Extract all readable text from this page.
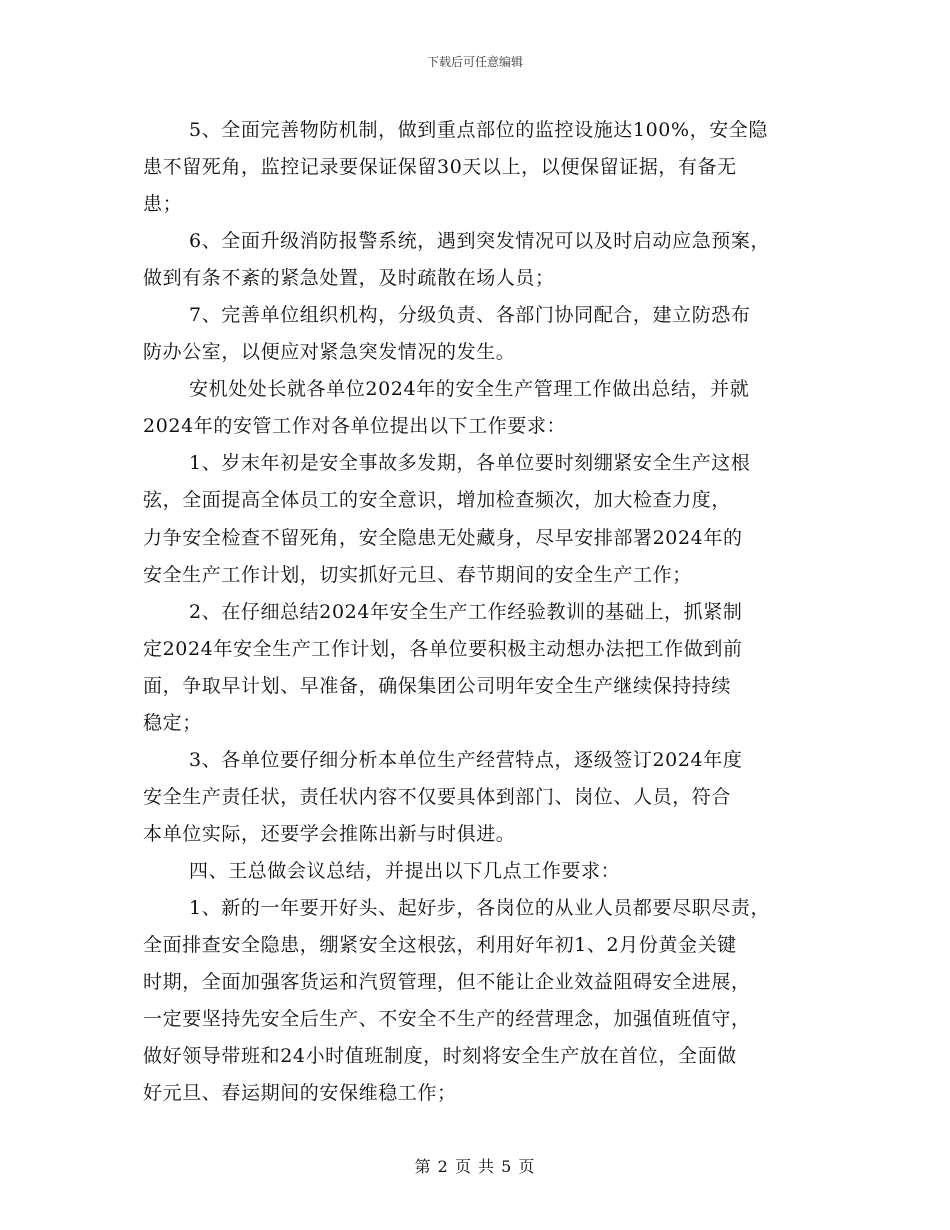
下载后可任意编辑
5、全面完善物防机制，做到重点部位的监控设施达100%，安全隐
患不留死角，监控记录要保证保留30天以上，以便保留证据，有备无
患；
6、全面升级消防报警系统，遇到突发情况可以及时启动应急预案，
做到有条不紊的紧急处置，及时疏散在场人员；
7、完善单位组织机构，分级负责、各部门协同配合，建立防恐布
防办公室，以便应对紧急突发情况的发生。
安机处处长就各单位2024年的安全生产管理工作做出总结，并就
2024年的安管工作对各单位提出以下工作要求：
1、岁末年初是安全事故多发期，各单位要时刻绷紧安全生产这根
弦，全面提高全体员工的安全意识，增加检查频次，加大检查力度，
力争安全检查不留死角，安全隐患无处藏身，尽早安排部署2024年的
安全生产工作计划，切实抓好元旦、春节期间的安全生产工作；
2、在仔细总结2024年安全生产工作经验教训的基础上，抓紧制
定2024年安全生产工作计划，各单位要积极主动想办法把工作做到前
面，争取早计划、早准备，确保集团公司明年安全生产继续保持持续
稳定；
3、各单位要仔细分析本单位生产经营特点，逐级签订2024年度
安全生产责任状，责任状内容不仅要具体到部门、岗位、人员，符合
本单位实际，还要学会推陈出新与时俱进。
四、王总做会议总结，并提出以下几点工作要求：
1、新的一年要开好头、起好步，各岗位的从业人员都要尽职尽责，
全面排查安全隐患，绷紧安全这根弦，利用好年初1、2月份黄金关键
时期，全面加强客货运和汽贸管理，但不能让企业效益阻碍安全进展，
一定要坚持先安全后生产、不安全不生产的经营理念，加强值班值守，
做好领导带班和24小时值班制度，时刻将安全生产放在首位，全面做
好元旦、春运期间的安保维稳工作；
第 2 页 共 5 页
